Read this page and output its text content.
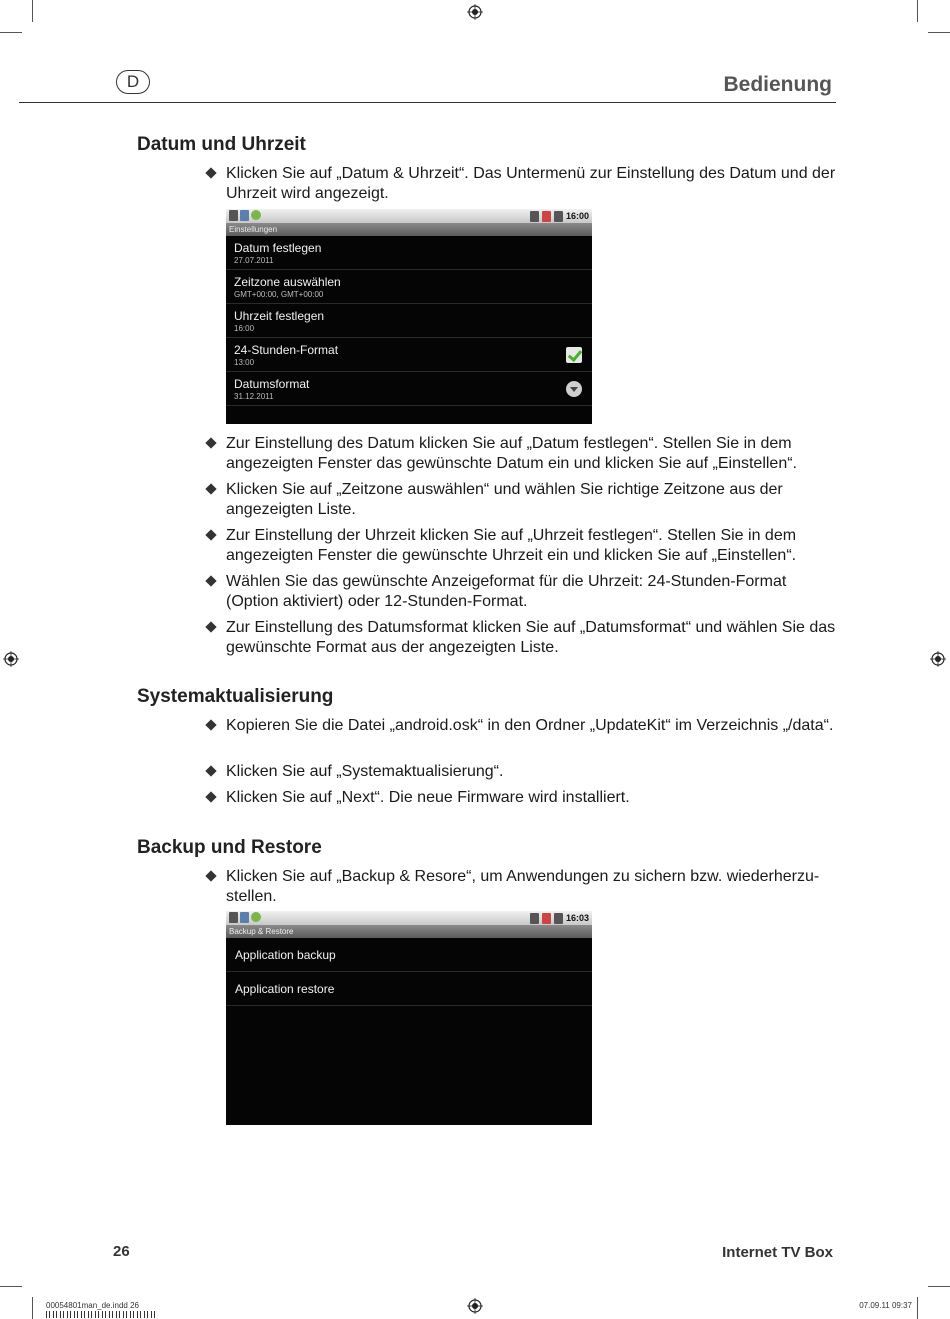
D	Bedienung
Datum und Uhrzeit
Klicken Sie auf „Datum & Uhrzeit“. Das Untermenü zur Einstellung des Datum und der Uhrzeit wird angezeigt.
16:00
Einstellungen
Datum festlegen
27.07.2011
Zeitzone auswählen
GMT+00:00, GMT+00:00
Uhrzeit festlegen
16:00
24-Stunden-Format
13:00
Datumsformat
31.12.2011
Zur Einstellung des Datum klicken Sie auf „Datum festlegen“. Stellen Sie in dem angezeigten Fenster das gewünschte Datum ein und klicken Sie auf „Einstellen“.
Klicken Sie auf „Zeitzone auswählen“ und wählen Sie richtige Zeitzone aus der angezeigten Liste.
Zur Einstellung der Uhrzeit klicken Sie auf „Uhrzeit festlegen“. Stellen Sie in dem angezeigten Fenster die gewünschte Uhrzeit ein und klicken Sie auf „Einstellen“.
Wählen Sie das gewünschte Anzeigeformat für die Uhrzeit: 24-Stunden-Format (Option aktiviert) oder 12-Stunden-Format.
Zur Einstellung des Datumsformat klicken Sie auf „Datumsformat“ und wählen Sie das gewünschte Format aus der angezeigten Liste.
Systemaktualisierung
Kopieren Sie die Datei „android.osk“ in den Ordner „UpdateKit“ im Verzeichnis „/data“.
Klicken Sie auf „Systemaktualisierung“.
Klicken Sie auf „Next“. Die neue Firmware wird installiert.
Backup und Restore
Klicken Sie auf „Backup & Resore“, um Anwendungen zu sichern bzw. wiederherzu-stellen.
16:03
Backup & Restore
Application backup
Application restore
26	Internet TV Box
00054801man_de.indd 26	07.09.11 09:37
